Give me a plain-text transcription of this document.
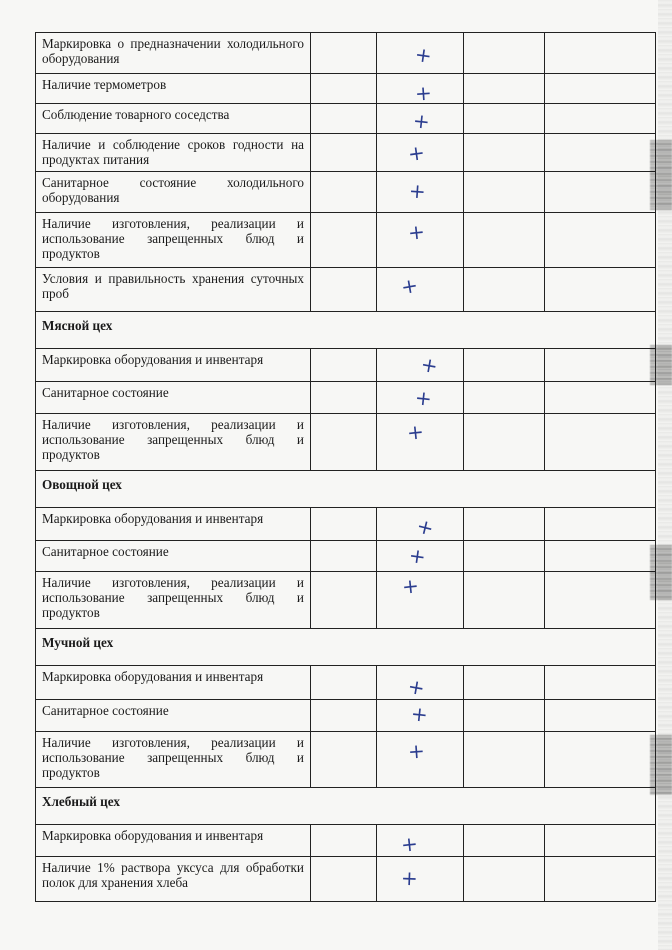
Маркировка о предназначении холодильного оборудования		+		

Наличие термометров		+		

Соблюдение товарного соседства		+		

Наличие и соблюдение сроков годности на продуктах питания		+		

Санитарное состояние холодильного оборудования		+		

Наличие изготовления, реализации и использование запрещенных блюд и продуктов		+		

Условия и правильность хранения суточных проб		+		

Мясной цех				
Маркировка оборудования и инвентаря		+		

Санитарное состояние		+		

Наличие изготовления, реализации и использование запрещенных блюд и продуктов		+		

Овощной цех				
Маркировка оборудования и инвентаря		+		

Санитарное состояние		+		

Наличие изготовления, реализации и использование запрещенных блюд и продуктов		+		

Мучной цех				
Маркировка оборудования и инвентаря		+		

Санитарное состояние		+		

Наличие изготовления, реализации и использование запрещенных блюд и продуктов		+		

Хлебный цех				
Маркировка оборудования и инвентаря		+		

Наличие 1% раствора уксуса для обработки полок для хранения хлеба		+		
